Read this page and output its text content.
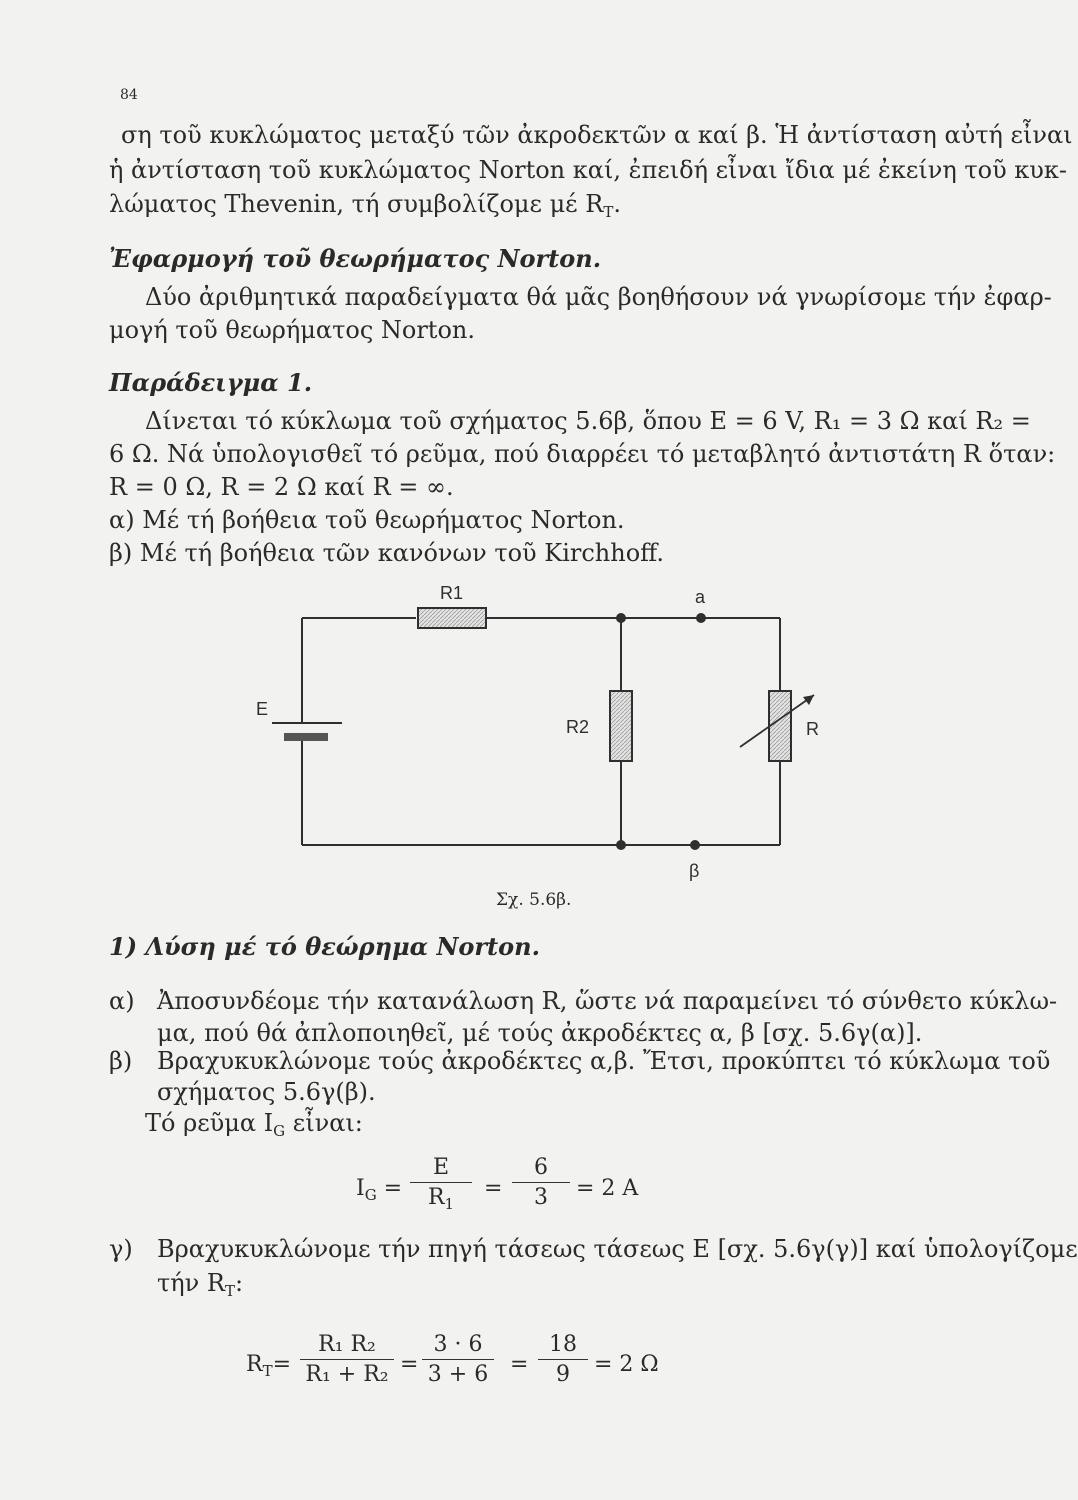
84
ση τοῦ κυκλώματος μεταξύ τῶν ἀκροδεκτῶν α καί β. Ἡ ἀντίσταση αὐτή εἶναι
ἡ ἀντίσταση τοῦ κυκλώματος Norton καί, ἐπειδή εἶναι ἴδια μέ ἐκείνη τοῦ κυκ-
λώματος Thevenin, τή συμβολίζομε μέ $R_T$.
Ἐφαρμογή τοῦ θεωρήματος Norton.
Δύο ἀριθμητικά παραδείγματα θά μᾶς βοηθήσουν νά γνωρίσομε τήν ἐφαρ-
μογή τοῦ θεωρήματος Norton.
Παράδειγμα 1.
Δίνεται τό κύκλωμα τοῦ σχήματος 5.6β, ὅπου E = 6 V, R₁ = 3 Ω καί R₂ =
6 Ω. Νά ὑπολογισθεῖ τό ρεῦμα, πού διαρρέει τό μεταβλητό ἀντιστάτη R ὅταν:
R = 0 Ω, R = 2 Ω καί R = ∞.
α) Μέ τή βοήθεια τοῦ θεωρήματος Norton.
β) Μέ τή βοήθεια τῶν κανόνων τοῦ Kirchhoff.
R1	a
E
R2	R
β
Σχ. 5.6β.
1) Λύση μέ τό θεώρημα Norton.
α) Ἀποσυνδέομε τήν κατανάλωση R, ὥστε νά παραμείνει τό σύνθετο κύκλω-
μα, πού θά ἀπλοποιηθεῖ, μέ τούς ἀκροδέκτες α, β [σχ. 5.6γ(α)].
β) Βραχυκυκλώνομε τούς ἀκροδέκτες α,β. Ἔτσι, προκύπτει τό κύκλωμα τοῦ
σχήματος 5.6γ(β).
Τό ρεῦμα $I_G$ εἶναι:
$I_G$ =
E
$R_1$
=
6
3	= 2 A
γ) Βραχυκυκλώνομε τήν πηγή τάσεως τάσεως E [σχ. 5.6γ(γ)] καί ὑπολογίζομε
τήν $R_T$:
$R_T=$
R₁ R₂
R₁ + R₂ =
3 · 6
3 + 6 =
18
9	= 2 Ω
